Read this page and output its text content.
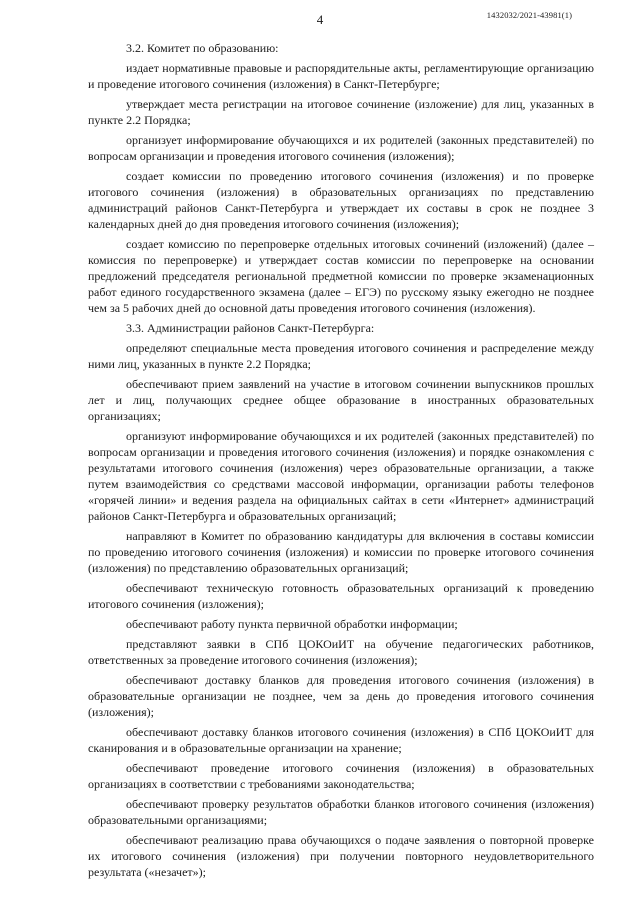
4	1432032/2021-43981(1)

3.2. Комитет по образованию:

издает нормативные правовые и распорядительные акты, регламентирующие организацию и проведение итогового сочинения (изложения) в Санкт-Петербурге;

утверждает места регистрации на итоговое сочинение (изложение) для лиц, указанных в пункте 2.2 Порядка;

организует информирование обучающихся и их родителей (законных представителей) по вопросам организации и проведения итогового сочинения (изложения);

создает комиссии по проведению итогового сочинения (изложения) и по проверке итогового сочинения (изложения) в образовательных организациях по представлению администраций районов Санкт-Петербурга и утверждает их составы в срок не позднее 3 календарных дней до дня проведения итогового сочинения (изложения);

создает комиссию по перепроверке отдельных итоговых сочинений (изложений) (далее – комиссия по перепроверке) и утверждает состав комиссии по перепроверке на основании предложений председателя региональной предметной комиссии по проверке экзаменационных работ единого государственного экзамена (далее – ЕГЭ) по русскому языку ежегодно не позднее чем за 5 рабочих дней до основной даты проведения итогового сочинения (изложения).

3.3. Администрации районов Санкт-Петербурга:

определяют специальные места проведения итогового сочинения и распределение между ними лиц, указанных в пункте 2.2 Порядка;

обеспечивают прием заявлений на участие в итоговом сочинении выпускников прошлых лет и лиц, получающих среднее общее образование в иностранных образовательных организациях;

организуют информирование обучающихся и их родителей (законных представителей) по вопросам организации и проведения итогового сочинения (изложения) и порядке ознакомления с результатами итогового сочинения (изложения) через образовательные организации, а также путем взаимодействия со средствами массовой информации, организации работы телефонов «горячей линии» и ведения раздела на официальных сайтах в сети «Интернет» администраций районов Санкт-Петербурга и образовательных организаций;

направляют в Комитет по образованию кандидатуры для включения в составы комиссии по проведению итогового сочинения (изложения) и комиссии по проверке итогового сочинения (изложения) по представлению образовательных организаций;

обеспечивают техническую готовность образовательных организаций к проведению итогового сочинения (изложения);

обеспечивают работу пункта первичной обработки информации;

представляют заявки в СПб ЦОКОиИТ на обучение педагогических работников, ответственных за проведение итогового сочинения (изложения);

обеспечивают доставку бланков для проведения итогового сочинения (изложения) в образовательные организации не позднее, чем за день до проведения итогового сочинения (изложения);

обеспечивают доставку бланков итогового сочинения (изложения) в СПб ЦОКОиИТ для сканирования и в образовательные организации на хранение;

обеспечивают проведение итогового сочинения (изложения) в образовательных организациях в соответствии с требованиями законодательства;

обеспечивают проверку результатов обработки бланков итогового сочинения (изложения) образовательными организациями;

обеспечивают реализацию права обучающихся о подаче заявления о повторной проверке их итогового сочинения (изложения) при получении повторного неудовлетворительного результата («незачет»);
